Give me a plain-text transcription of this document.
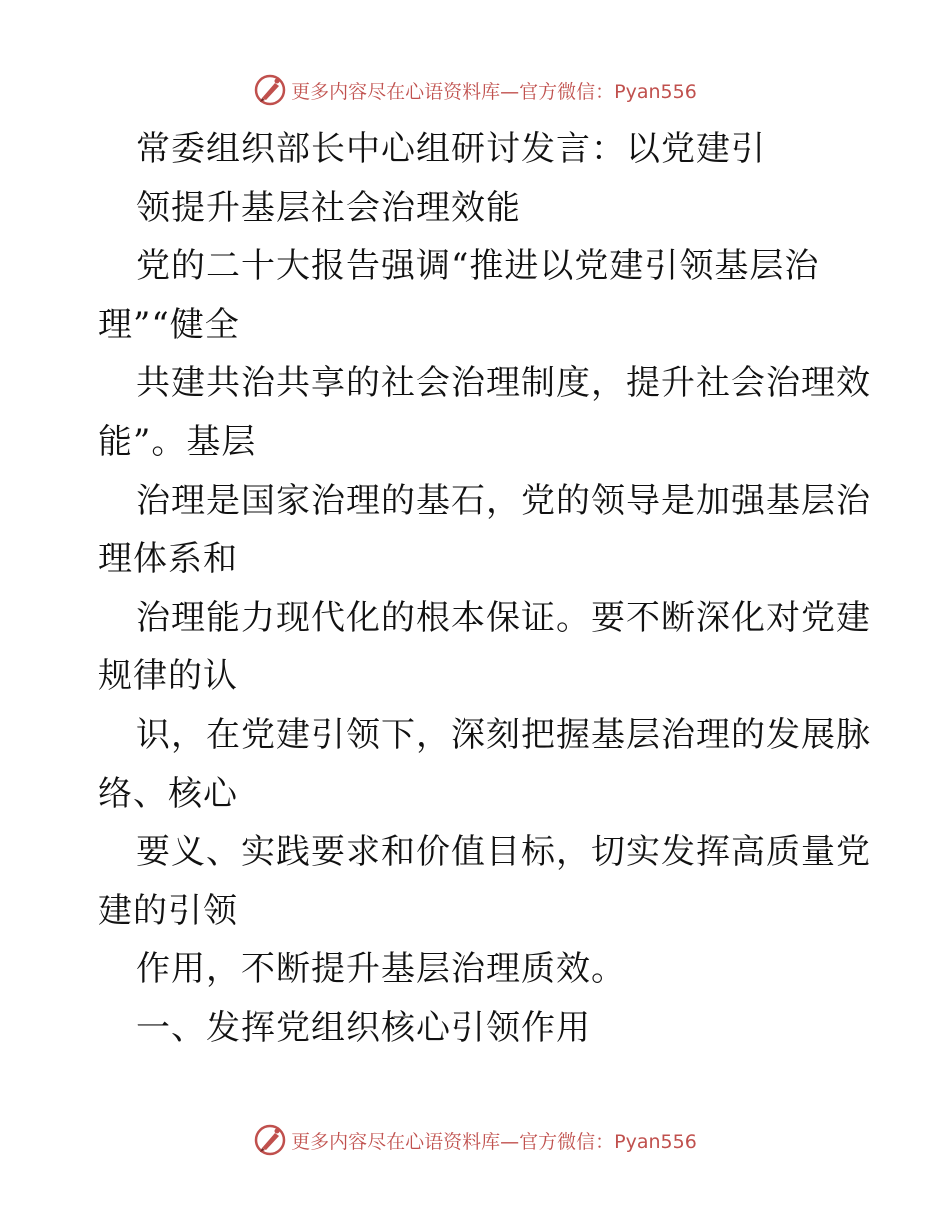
更多内容尽在心语资料库—官方微信：Pyan556
常委组织部长中心组研讨发言：以党建引
领提升基层社会治理效能
党的二十大报告强调“推进以党建引领基层治
理”“健全
共建共治共享的社会治理制度，提升社会治理效
能”。基层
治理是国家治理的基石，党的领导是加强基层治
理体系和
治理能力现代化的根本保证。要不断深化对党建
规律的认
识，在党建引领下，深刻把握基层治理的发展脉
络、核心
要义、实践要求和价值目标，切实发挥高质量党
建的引领
作用，不断提升基层治理质效。
一、发挥党组织核心引领作用
更多内容尽在心语资料库—官方微信：Pyan556
